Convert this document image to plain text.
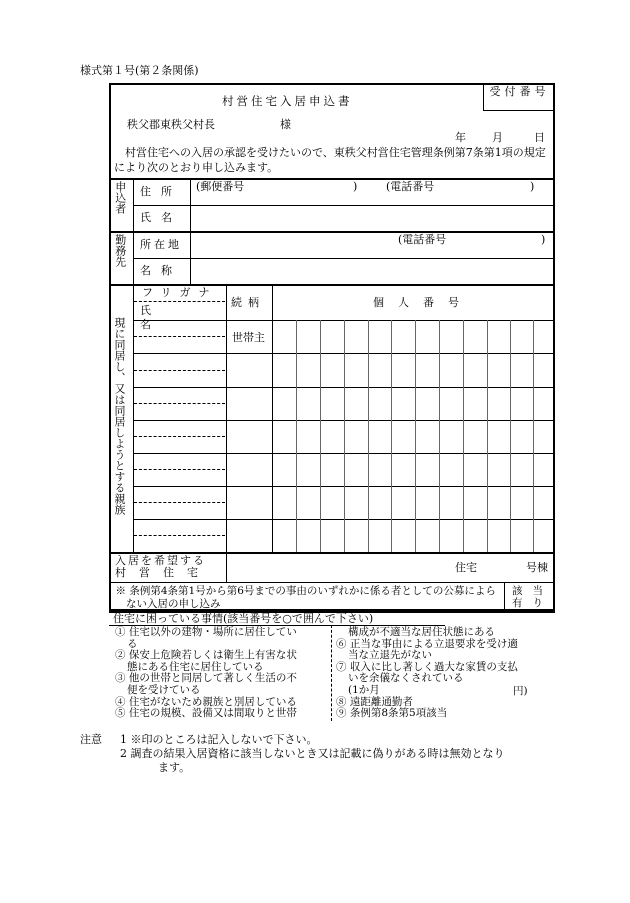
様式第１号(第２条関係)
受付番号
村営住宅入居申込書
秩父郡東秩父村長	様
年 月	日
村営住宅への入居の承認を受けたいので、東秩父村営住宅管理条例第7条第1項の規定により次のとおり申し込みます。
申込者 住所 (郵便番号	)	(電話番号	)
氏名
勤務先 所在地	(電話番号	)
名称
現に同居し、又は同居しようとする親族
フリガナ
氏名
続柄	個人番号
世帯主
入居を希望する
村営住宅	住宅	号棟
※ 条例第4条第1号から第6号までの事由のいずれかに係る者としての公募によらない入居の申し込み
該当
有り
住宅に困っている事情(該当番号を○で囲んで下さい)
① 住宅以外の建物・場所に居住してい
る
② 保安上危険若しくは衛生上有害な状
態にある住宅に居住している
③ 他の世帯と同居して著しく生活の不
便を受けている
④ 住宅がないため親族と別居している
⑤ 住宅の規模、設備又は間取りと世帯
構成が不適当な居住状態にある
⑥ 正当な事由による立退要求を受け適
当な立退先がない
⑦ 収入に比し著しく過大な家賃の支払
いを余儀なくされている
(1か月
⑧ 遠距離通勤者
⑨ 条例第8条第5項該当
円)
注意	1 ※印のところは記入しないで下さい。
2 調査の結果入居資格に該当しないとき又は記載に偽りがある時は無効となり
ます。
